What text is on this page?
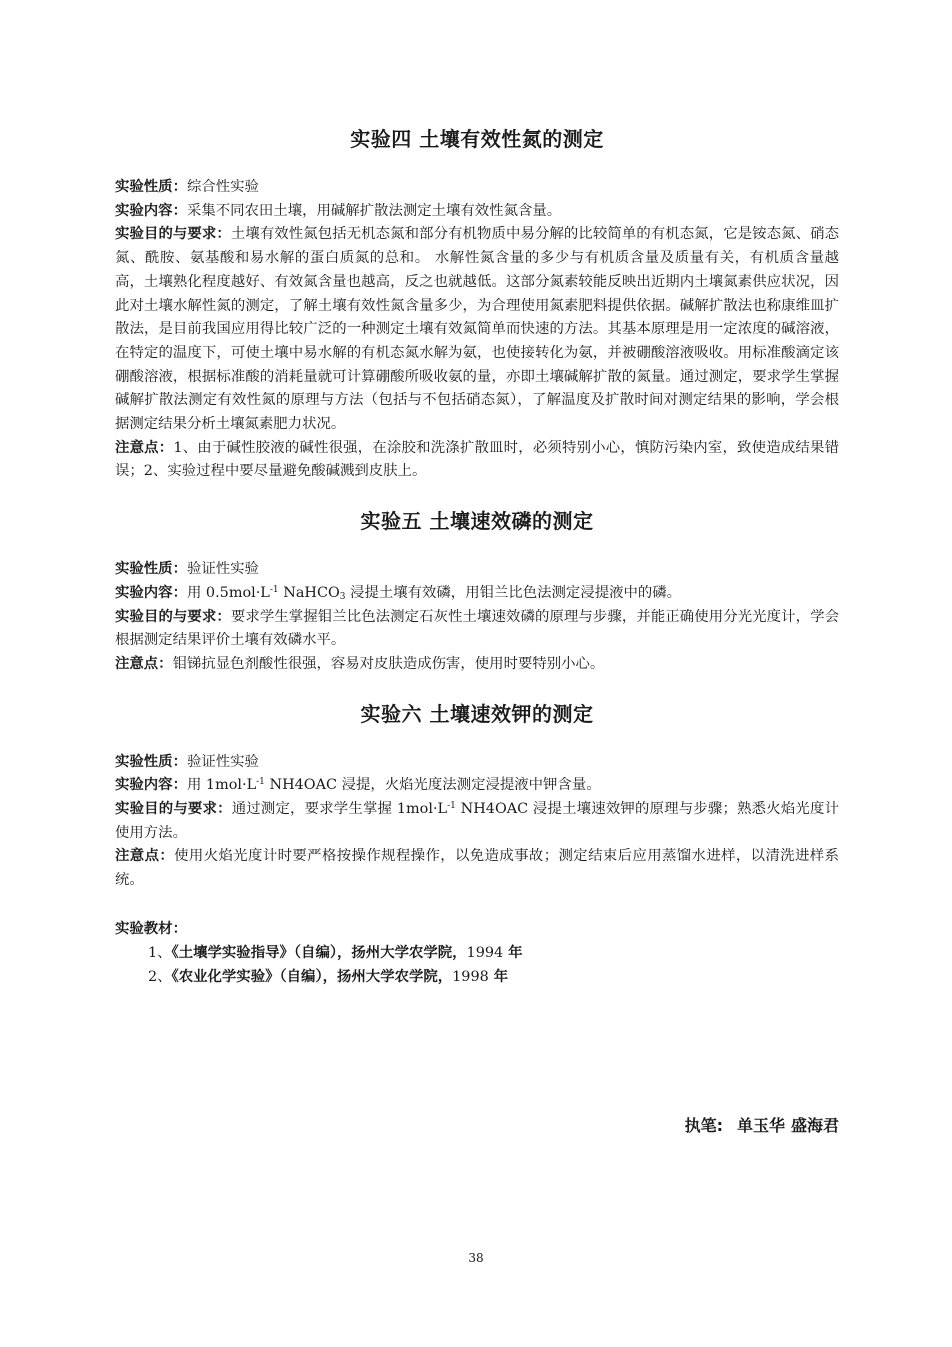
实验四 土壤有效性氮的测定

实验性质：综合性实验

实验内容：采集不同农田土壤，用碱解扩散法测定土壤有效性氮含量。

实验目的与要求：土壤有效性氮包括无机态氮和部分有机物质中易分解的比较简单的有机态氮，它是铵态氮、硝态氮、酰胺、氨基酸和易水解的蛋白质氮的总和。 水解性氮含量的多少与有机质含量及质量有关，有机质含量越高，土壤熟化程度越好、有效氮含量也越高，反之也就越低。这部分氮素较能反映出近期内土壤氮素供应状况，因此对土壤水解性氮的测定，了解土壤有效性氮含量多少，为合理使用氮素肥料提供依据。碱解扩散法也称康维皿扩散法，是目前我国应用得比较广泛的一种测定土壤有效氮简单而快速的方法。其基本原理是用一定浓度的碱溶液，在特定的温度下，可使土壤中易水解的有机态氮水解为氨，也使接转化为氨，并被硼酸溶液吸收。用标准酸滴定该硼酸溶液，根据标准酸的消耗量就可计算硼酸所吸收氨的量，亦即土壤碱解扩散的氮量。通过测定，要求学生掌握碱解扩散法测定有效性氮的原理与方法（包括与不包括硝态氮），了解温度及扩散时间对测定结果的影响，学会根据测定结果分析土壤氮素肥力状况。

注意点：1、由于碱性胶液的碱性很强，在涂胶和洗涤扩散皿时，必须特别小心，慎防污染内室，致使造成结果错误；2、实验过程中要尽量避免酸碱溅到皮肤上。

实验五 土壤速效磷的测定

实验性质：验证性实验

实验内容：用 $0.5mol\cdot L^{-1}$ NaHCO$_3$ 浸提土壤有效磷，用钼兰比色法测定浸提液中的磷。

实验目的与要求：要求学生掌握钼兰比色法测定石灰性土壤速效磷的原理与步骤，并能正确使用分光光度计，学会根据测定结果评价土壤有效磷水平。

注意点：钼锑抗显色剂酸性很强，容易对皮肤造成伤害，使用时要特别小心。

实验六 土壤速效钾的测定

实验性质：验证性实验

实验内容：用 $1mol\cdot L^{-1}$ NH4OAC 浸提，火焰光度法测定浸提液中钾含量。

实验目的与要求：通过测定，要求学生掌握 $1mol\cdot L^{-1}$ NH4OAC 浸提土壤速效钾的原理与步骤；熟悉火焰光度计使用方法。

注意点：使用火焰光度计时要严格按操作规程操作，以免造成事故；测定结束后应用蒸馏水进样，以清洗进样系统。

实验教材：

1、《土壤学实验指导》（自编），扬州大学农学院，1994 年

2、《农业化学实验》（自编），扬州大学农学院，1998 年

执笔: 单玉华 盛海君
38
